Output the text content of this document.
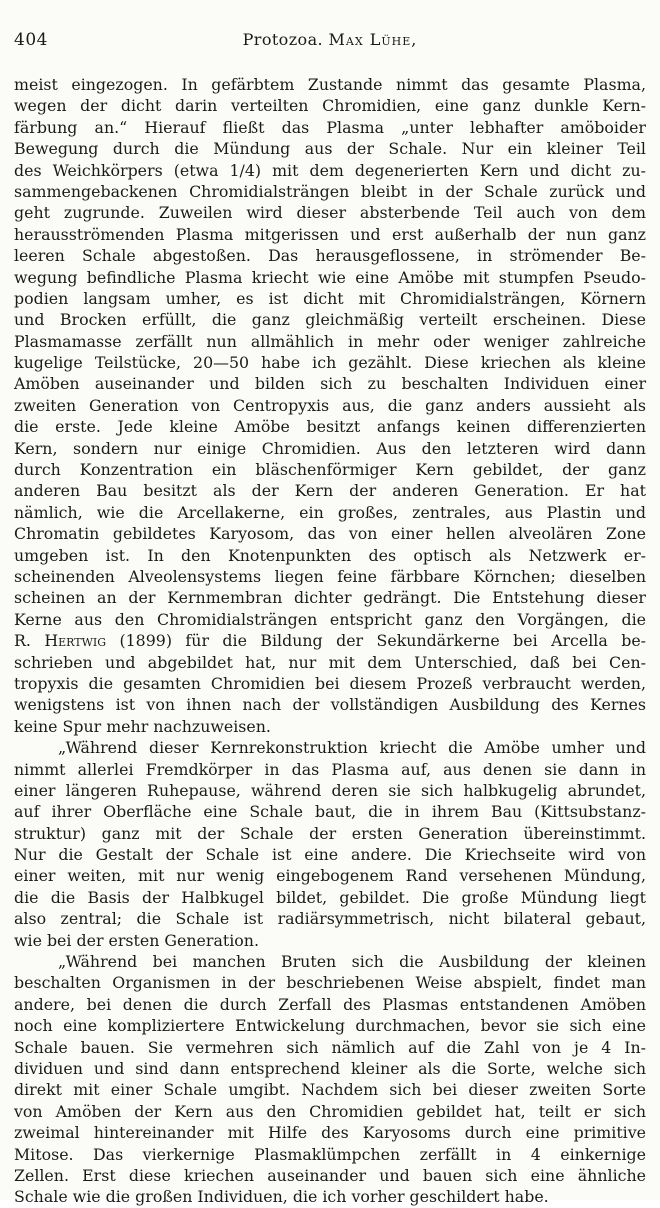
404	Protozoa. Max Lühe,
meist eingezogen. In gefärbtem Zustande nimmt das gesamte Plasma,
wegen der dicht darin verteilten Chromidien, eine ganz dunkle Kern-
färbung an.“ Hierauf fließt das Plasma „unter lebhafter amöboider
Bewegung durch die Mündung aus der Schale. Nur ein kleiner Teil
des Weichkörpers (etwa 1/4) mit dem degenerierten Kern und dicht zu-
sammengebackenen Chromidialsträngen bleibt in der Schale zurück und
geht zugrunde. Zuweilen wird dieser absterbende Teil auch von dem
herausströmenden Plasma mitgerissen und erst außerhalb der nun ganz
leeren Schale abgestoßen. Das herausgeflossene, in strömender Be-
wegung befindliche Plasma kriecht wie eine Amöbe mit stumpfen Pseudo-
podien langsam umher, es ist dicht mit Chromidialsträngen, Körnern
und Brocken erfüllt, die ganz gleichmäßig verteilt erscheinen. Diese
Plasmamasse zerfällt nun allmählich in mehr oder weniger zahlreiche
kugelige Teilstücke, 20—50 habe ich gezählt. Diese kriechen als kleine
Amöben auseinander und bilden sich zu beschalten Individuen einer
zweiten Generation von Centropyxis aus, die ganz anders aussieht als
die erste. Jede kleine Amöbe besitzt anfangs keinen differenzierten
Kern, sondern nur einige Chromidien. Aus den letzteren wird dann
durch Konzentration ein bläschenförmiger Kern gebildet, der ganz
anderen Bau besitzt als der Kern der anderen Generation. Er hat
nämlich, wie die Arcellakerne, ein großes, zentrales, aus Plastin und
Chromatin gebildetes Karyosom, das von einer hellen alveolären Zone
umgeben ist. In den Knotenpunkten des optisch als Netzwerk er-
scheinenden Alveolensystems liegen feine färbbare Körnchen; dieselben
scheinen an der Kernmembran dichter gedrängt. Die Entstehung dieser
Kerne aus den Chromidialsträngen entspricht ganz den Vorgängen, die
R. Hertwig (1899) für die Bildung der Sekundärkerne bei Arcella be-
schrieben und abgebildet hat, nur mit dem Unterschied, daß bei Cen-
tropyxis die gesamten Chromidien bei diesem Prozeß verbraucht werden,
wenigstens ist von ihnen nach der vollständigen Ausbildung des Kernes
keine Spur mehr nachzuweisen.
„Während dieser Kernrekonstruktion kriecht die Amöbe umher und
nimmt allerlei Fremdkörper in das Plasma auf, aus denen sie dann in
einer längeren Ruhepause, während deren sie sich halbkugelig abrundet,
auf ihrer Oberfläche eine Schale baut, die in ihrem Bau (Kittsubstanz-
struktur) ganz mit der Schale der ersten Generation übereinstimmt.
Nur die Gestalt der Schale ist eine andere. Die Kriechseite wird von
einer weiten, mit nur wenig eingebogenem Rand versehenen Mündung,
die die Basis der Halbkugel bildet, gebildet. Die große Mündung liegt
also zentral; die Schale ist radiärsymmetrisch, nicht bilateral gebaut,
wie bei der ersten Generation.
„Während bei manchen Bruten sich die Ausbildung der kleinen
beschalten Organismen in der beschriebenen Weise abspielt, findet man
andere, bei denen die durch Zerfall des Plasmas entstandenen Amöben
noch eine kompliziertere Entwickelung durchmachen, bevor sie sich eine
Schale bauen. Sie vermehren sich nämlich auf die Zahl von je 4 In-
dividuen und sind dann entsprechend kleiner als die Sorte, welche sich
direkt mit einer Schale umgibt. Nachdem sich bei dieser zweiten Sorte
von Amöben der Kern aus den Chromidien gebildet hat, teilt er sich
zweimal hintereinander mit Hilfe des Karyosoms durch eine primitive
Mitose. Das vierkernige Plasmaklümpchen zerfällt in 4 einkernige
Zellen. Erst diese kriechen auseinander und bauen sich eine ähnliche
Schale wie die großen Individuen, die ich vorher geschildert habe.
